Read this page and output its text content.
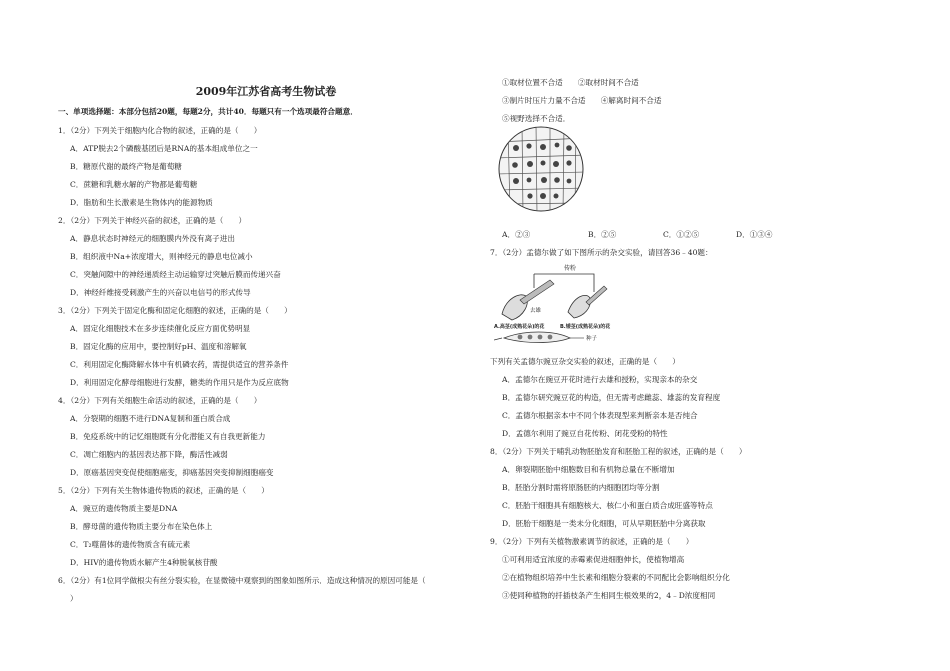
2009年江苏省高考生物试卷
一、单项选择题：本部分包括20题，每题2分，共计40．每题只有一个选项最符合题意．
1．（2分）下列关于细胞内化合物的叙述，正确的是（　　）
A．ATP脱去2个磷酸基团后是RNA的基本组成单位之一
B．糖原代谢的最终产物是葡萄糖
C．蔗糖和乳糖水解的产物都是葡萄糖
D．脂肪和生长激素是生物体内的能源物质
2．（2分）下列关于神经兴奋的叙述，正确的是（　　）
A．静息状态时神经元的细胞膜内外没有离子进出
B．组织液中Na+浓度增大，则神经元的静息电位减小
C．突触间隙中的神经递质经主动运输穿过突触后膜而传递兴奋
D．神经纤维接受刺激产生的兴奋以电信号的形式传导
3．（2分）下列关于固定化酶和固定化细胞的叙述，正确的是（　　）
A．固定化细胞技术在多步连续催化反应方面优势明显
B．固定化酶的应用中，要控制好pH、温度和溶解氧
C．利用固定化酶降解水体中有机磷农药，需提供适宜的营养条件
D．利用固定化酵母细胞进行发酵，糖类的作用只是作为反应底物
4．（2分）下列有关细胞生命活动的叙述，正确的是（　　）
A．分裂期的细胞不进行DNA复制和蛋白质合成
B．免疫系统中的记忆细胞既有分化潜能又有自我更新能力
C．凋亡细胞内的基因表达都下降，酶活性减弱
D．原癌基因突变促使细胞癌变，抑癌基因突变抑制细胞癌变
5．（2分）下列有关生物体遗传物质的叙述，正确的是（　　）
A．豌豆的遗传物质主要是DNA
B．酵母菌的遗传物质主要分布在染色体上
C．T₂噬菌体的遗传物质含有硫元素
D．HIV的遗传物质水解产生4种脱氧核苷酸
6．（2分）有1位同学做根尖有丝分裂实验，在显微镜中观察到的图象如图所示．造成这种情况的原因可能是（
）
①取材位置不合适　　②取材时间不合适
③制片时压片力量不合适　　④解离时间不合适
⑤视野选择不合适．
A．②③	B．②⑤	C．①②⑤	D．①③④
7．（2分）孟德尔做了如下图所示的杂交实验，请回答36﹣40题：
传粉
去雄
A.高茎(成熟花朵)的花	B.矮茎(成熟花朵)的花
种子
下列有关孟德尔豌豆杂交实验的叙述，正确的是（　　）
A．孟德尔在豌豆开花时进行去雄和授粉，实现亲本的杂交
B．孟德尔研究豌豆花的构造，但无需考虑雌蕊、雄蕊的发育程度
C．孟德尔根据亲本中不同个体表现型来判断亲本是否纯合
D．孟德尔利用了豌豆自花传粉、闭花受粉的特性
8．（2分）下列关于哺乳动物胚胎发育和胚胎工程的叙述，正确的是（　　）
A．卵裂期胚胎中细胞数目和有机物总量在不断增加
B．胚胎分割时需将原肠胚的内细胞团均等分割
C．胚胎干细胞具有细胞核大、核仁小和蛋白质合成旺盛等特点
D．胚胎干细胞是一类未分化细胞，可从早期胚胎中分离获取
9．（2分）下列有关植物激素调节的叙述，正确的是（　　）
①可利用适宜浓度的赤霉素促进细胞伸长，使植物增高
②在植物组织培养中生长素和细胞分裂素的不同配比会影响组织分化
③使同种植物的扦插枝条产生相同生根效果的2，4﹣D浓度相同
